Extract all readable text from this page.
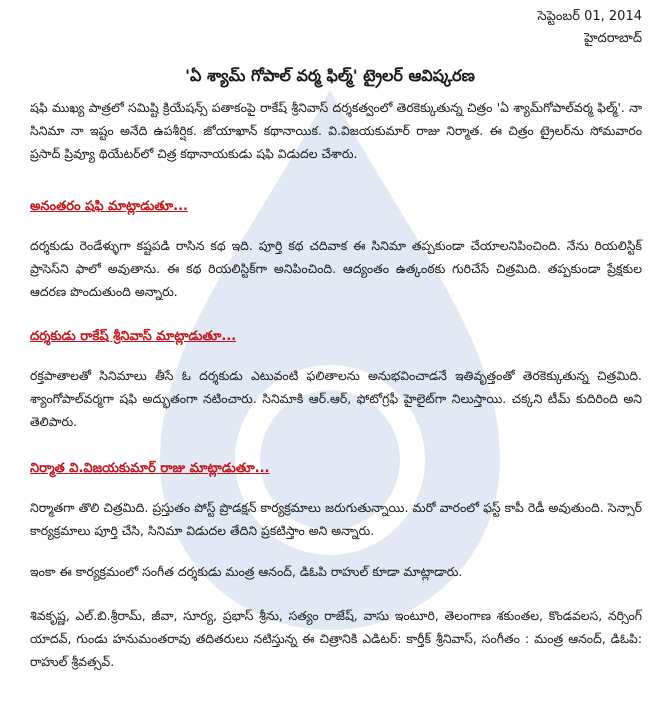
సెప్టెంబర్ 01, 2014
హైదరాబాద్
'ఏ శ్యామ్ గోపాల్ వర్మ ఫిల్మ్' ట్రైలర్ ఆవిష్కరణ
షఫి ముఖ్య పాత్రలో సమిష్టి క్రియేషన్స్ పతాకంపై రాకేష్ శ్రీనివాస్ దర్శకత్వంలో తెరకెక్కుతున్న చిత్రం 'ఏ శ్యామ్‌గోపాల్‌వర్మ ఫిల్మ్'. నా సినిమా నా ఇష్టం అనేది ఉపశీర్షిక. జోయాఖాన్ కథానాయిక. వి.విజయకుమార్ రాజు నిర్మాత. ఈ చిత్రం ట్రైలర్‌ను సోమవారం ప్రసాద్ ప్రివ్యూ థియేటర్‌లో చిత్ర కథానాయకుడు షఫి విడుదల చేశారు.
అనంతరం షఫి మాట్లాడుతూ...
దర్శకుడు రెండేళ్ళుగా కష్టపడి రాసిన కథ ఇది. పూర్తి కథ చదివాక ఈ సినిమా తప్పకుండా చేయాలనిపించింది. నేను రియలిస్టిక్ ప్రాసెస్‌ని ఫాలో అవుతాను. ఈ కథ రియలిస్టిక్‌గా అనిపించింది. ఆద్యంతం ఉత్కంఠకు గురిచేసే చిత్రమిది. తప్పకుండా ప్రేక్షకుల ఆదరణ పొందుతుంది అన్నారు.
దర్శకుడు రాకేష్ శ్రీనివాస్ మాట్లాడుతూ...
రక్తపాతాలతో సినిమాలు తీసే ఓ దర్శకుడు ఎటువంటి ఫలితాలను అనుభవించాడనే ఇతివృత్తంతో తెరకెక్కుతున్న చిత్రమిది. శ్యాంగోపాల్‌వర్మగా షఫి అద్భుతంగా నటించారు. సినిమాకి ఆర్.ఆర్, ఫోటోగ్రఫీ హైలైట్‌గా నిలుస్తాయి. చక్కని టీమ్ కుదిరింది అని తెలిపారు.
నిర్మాత వి.విజయకుమార్ రాజు మాట్లాడుతూ...
నిర్మాతగా తొలి చిత్రమిది. ప్రస్తుతం పోస్ట్ ప్రొడక్షన్ కార్యక్రమాలు జరుగుతున్నాయి. మరో వారంలో ఫస్ట్ కాపీ రెడీ అవుతుంది. సెన్సార్ కార్యక్రమాలు పూర్తి చేసి, సినిమా విడుదల తేదిని ప్రకటిస్తాం అని అన్నారు.
ఇంకా ఈ కార్యక్రమంలో సంగీత దర్శకుడు మంత్ర ఆనంద్, డిఓపి రాహుల్ కూడా మాట్లాడారు.
శివకృష్ణ, ఎల్.బి.శ్రీరామ్, జీవా, సూర్య, ప్రభాస్ శ్రీను, సత్యం రాజేష్, వాసు ఇంటూరి, తెలంగాణ శకుంతల, కొండవలస, నర్సింగ్ యాదవ్, గుండు హనుమంతరావు తదితరులు నటిస్తున్న ఈ చిత్రానికి ఎడిటర్: కార్తీక్ శ్రీనివాస్, సంగీతం : మంత్ర ఆనంద్, డిఓపి: రాహుల్ శ్రీవత్సవ్.
